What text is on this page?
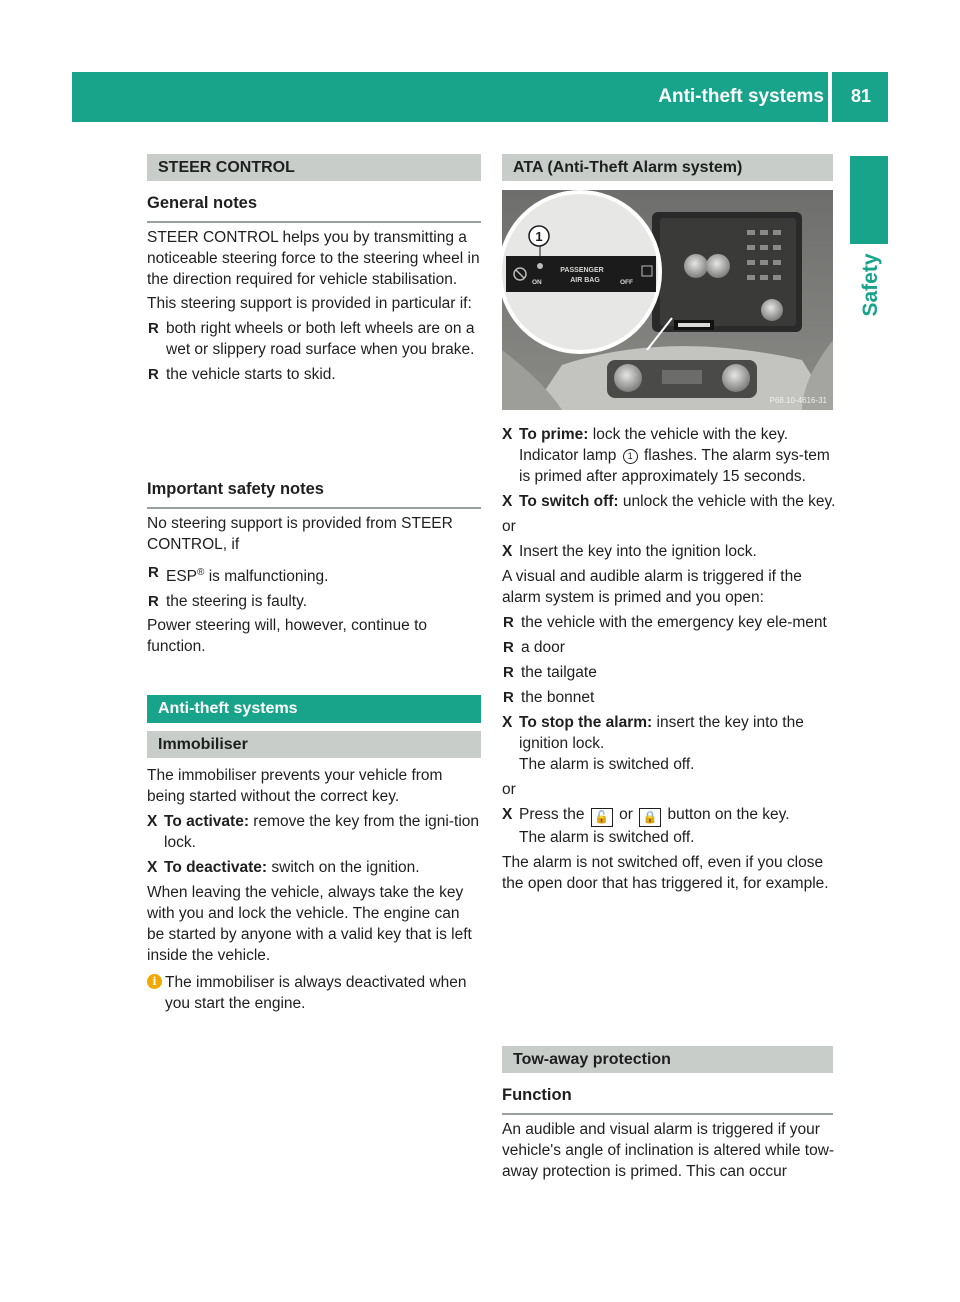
Anti-theft systems	81
Safety
STEER CONTROL
General notes

STEER CONTROL helps you by transmitting a noticeable steering force to the steering wheel in the direction required for vehicle stabilisation.

This steering support is provided in particular if:

R both right wheels or both left wheels are on a wet or slippery road surface when you brake.
R the vehicle starts to skid.
Important safety notes

No steering support is provided from STEER CONTROL, if

R ESP® is malfunctioning.
R the steering is faulty.

Power steering will, however, continue to function.

Anti-theft systems
Immobiliser

The immobiliser prevents your vehicle from being started without the correct key.

X To activate: remove the key from the igni-tion lock.
X To deactivate: switch on the ignition.

When leaving the vehicle, always take the key with you and lock the vehicle. The engine can be started by anyone with a valid key that is left inside the vehicle.

i The immobiliser is always deactivated when you start the engine.
ATA (Anti-Theft Alarm system)
1
PASSENGER
AIR BAG
ON	OFF
P68.10-4616-31
X To prime: lock the vehicle with the key. Indicator lamp 1 flashes. The alarm sys-tem is primed after approximately 15 seconds.
X To switch off: unlock the vehicle with the key.

or

X Insert the key into the ignition lock.

A visual and audible alarm is triggered if the alarm system is primed and you open:

R the vehicle with the emergency key ele-ment
R a door
R the tailgate
R the bonnet
X To stop the alarm: insert the key into the ignition lock.
The alarm is switched off.

or

X Press the 🔓 or 🔒 button on the key.
The alarm is switched off.

The alarm is not switched off, even if you close the open door that has triggered it, for example.

Tow-away protection
Function

An audible and visual alarm is triggered if your vehicle's angle of inclination is altered while tow-away protection is primed. This can occur
